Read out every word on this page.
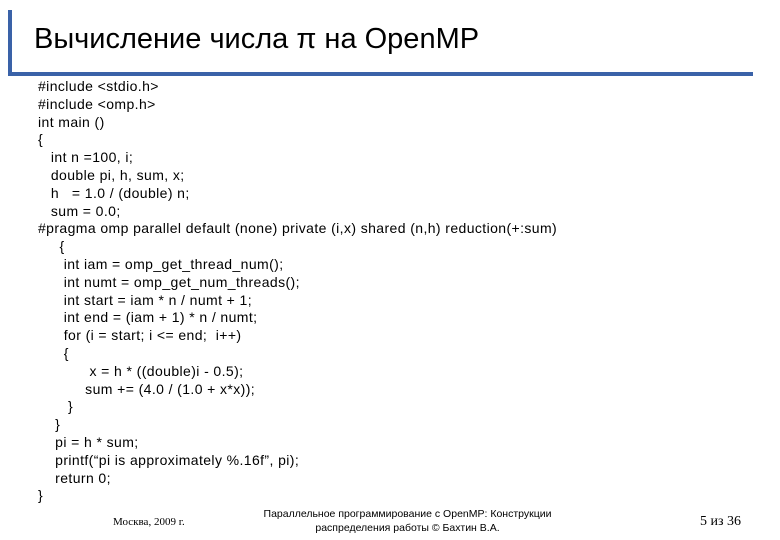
Вычисление числа π на OpenMP
#include <stdio.h>
#include <omp.h>
int main ()
{
int n =100, i;
double pi, h, sum, x;
h   = 1.0 / (double) n;
sum = 0.0;
#pragma omp parallel default (none) private (i,x) shared (n,h) reduction(+:sum)
{
int iam = omp_get_thread_num();
int numt = omp_get_num_threads();
int start = iam * n / numt + 1;
int end = (iam + 1) * n / numt;
for (i = start; i <= end;  i++)
{
x = h * ((double)i - 0.5);
sum += (4.0 / (1.0 + x*x));
}
}
pi = h * sum;
printf(“pi is approximately %.16f”, pi);
return 0;
}
Москва, 2009 г.
Параллельное программирование с OpenMP: Конструкции
распределения работы © Бахтин В.А.	5 из 36
